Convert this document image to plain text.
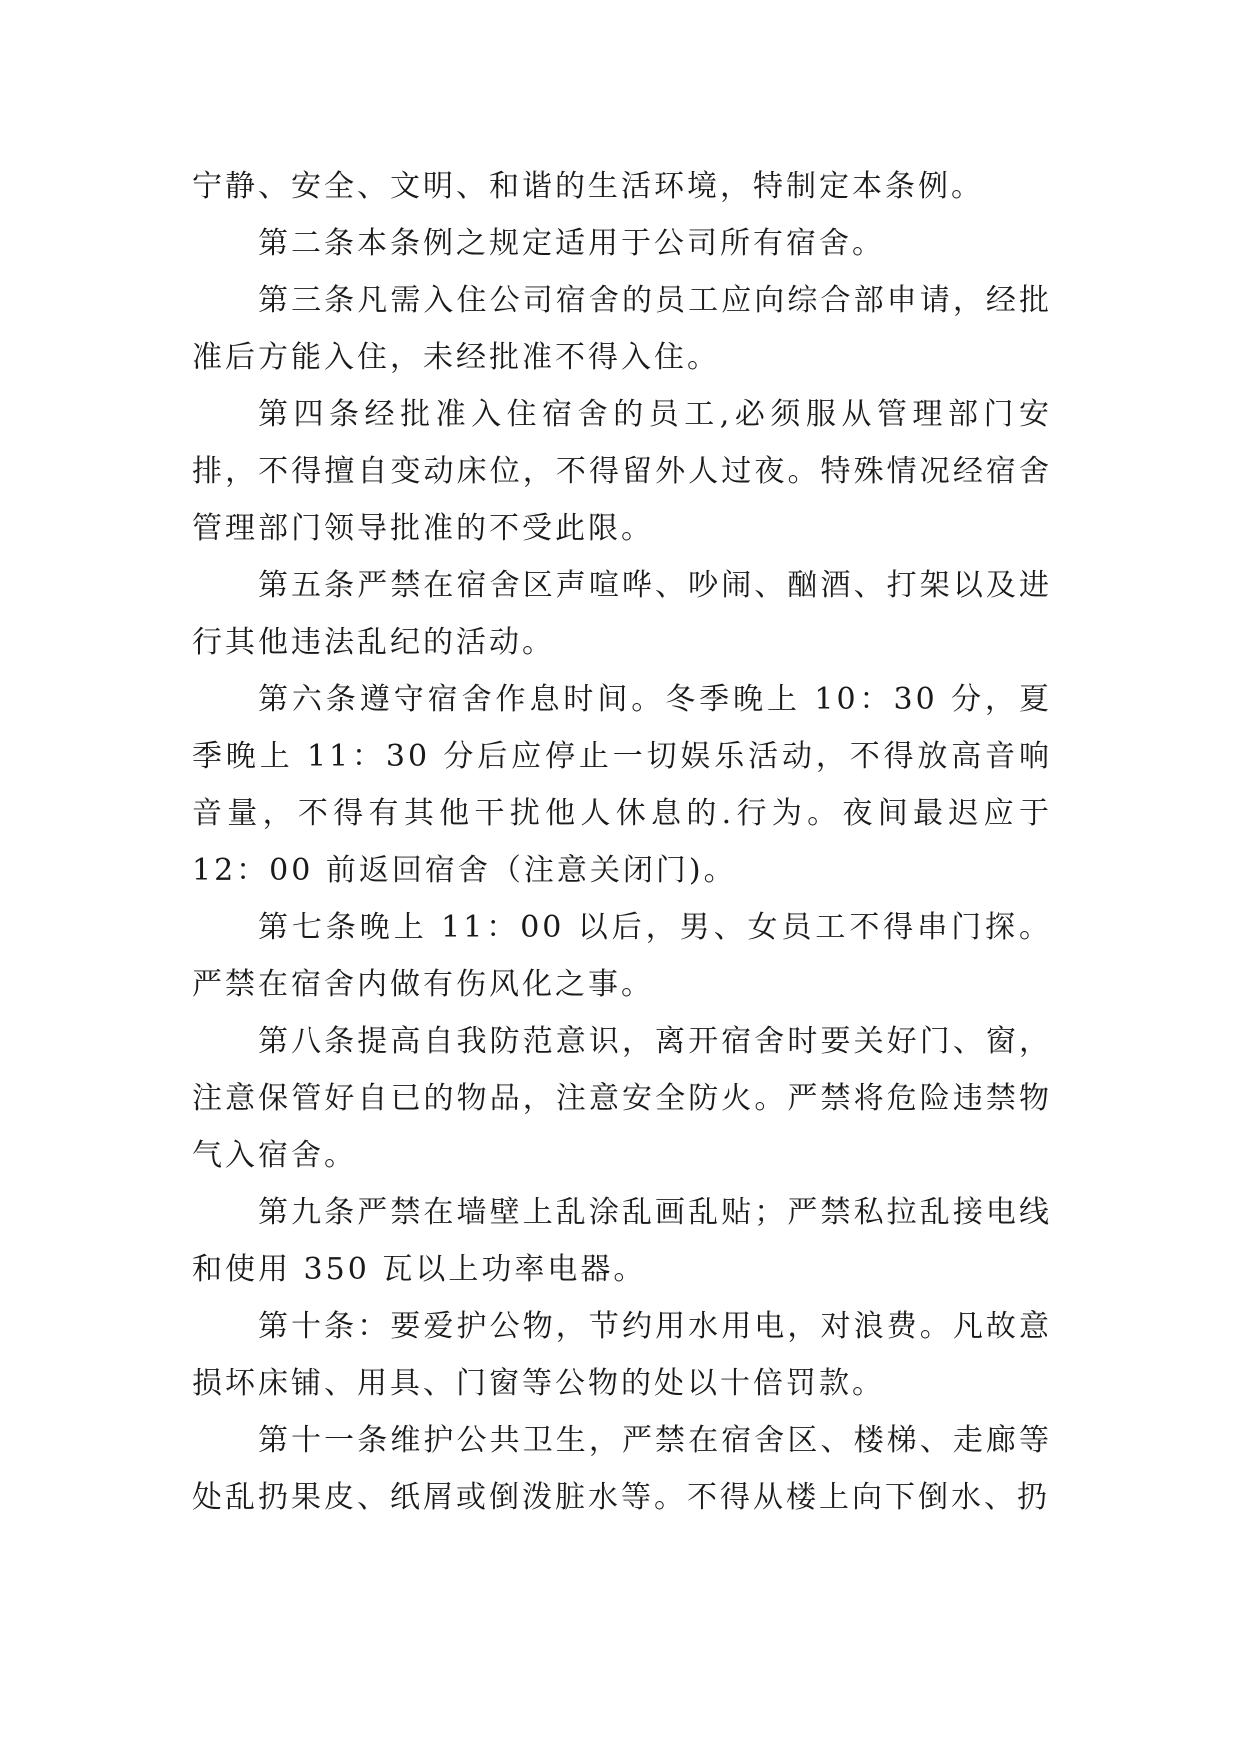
宁静、安全、文明、和谐的生活环境，特制定本条例。

第二条本条例之规定适用于公司所有宿舍。

第三条凡需入住公司宿舍的员工应向综合部申请，经批准后方能入住，未经批准不得入住。

第四条经批准入住宿舍的员工,必须服从管理部门安排，不得擅自变动床位，不得留外人过夜。特殊情况经宿舍管理部门领导批准的不受此限。

第五条严禁在宿舍区声喧哗、吵闹、酗酒、打架以及进行其他违法乱纪的活动。

第六条遵守宿舍作息时间。冬季晚上 10：30 分，夏季晚上 11：30 分后应停止一切娱乐活动，不得放高音响音量，不得有其他干扰他人休息的.行为。夜间最迟应于 12：00 前返回宿舍（注意关闭门)。

第七条晚上 11：00 以后，男、女员工不得串门探。严禁在宿舍内做有伤风化之事。

第八条提高自我防范意识，离开宿舍时要关好门、窗，注意保管好自已的物品，注意安全防火。严禁将危险违禁物气入宿舍。

第九条严禁在墙壁上乱涂乱画乱贴；严禁私拉乱接电线和使用 350 瓦以上功率电器。

第十条：要爱护公物，节约用水用电，对浪费。凡故意损坏床铺、用具、门窗等公物的处以十倍罚款。

第十一条维护公共卫生，严禁在宿舍区、楼梯、走廊等处乱扔果皮、纸屑或倒泼脏水等。不得从楼上向下倒水、扔
